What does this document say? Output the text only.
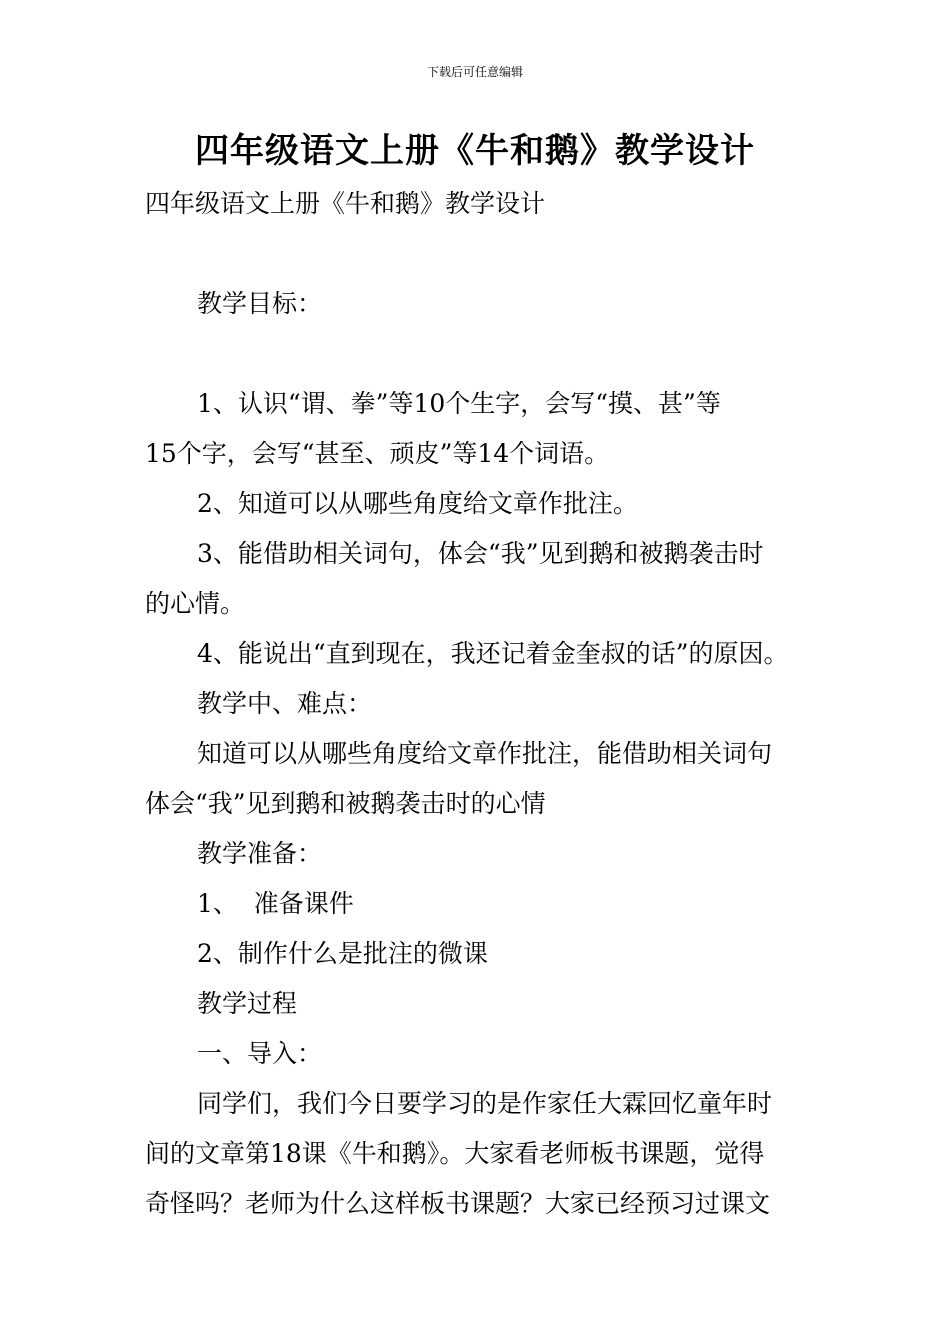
下载后可任意编辑
四年级语文上册《牛和鹅》教学设计
四年级语文上册《牛和鹅》教学设计
教学目标：
1、认识“谓、拳”等10个生字，会写“摸、甚”等
15个字，会写“甚至、顽皮”等14个词语。
2、知道可以从哪些角度给文章作批注。
3、能借助相关词句，体会“我”见到鹅和被鹅袭击时
的心情。
4、能说出“直到现在，我还记着金奎叔的话”的原因。
教学中、难点：
知道可以从哪些角度给文章作批注，能借助相关词句
体会“我”见到鹅和被鹅袭击时的心情
教学准备：
1、  准备课件
2、制作什么是批注的微课
教学过程
一、导入：
同学们，我们今日要学习的是作家任大霖回忆童年时
间的文章第18课《牛和鹅》。大家看老师板书课题，觉得
奇怪吗？老师为什么这样板书课题？大家已经预习过课文
